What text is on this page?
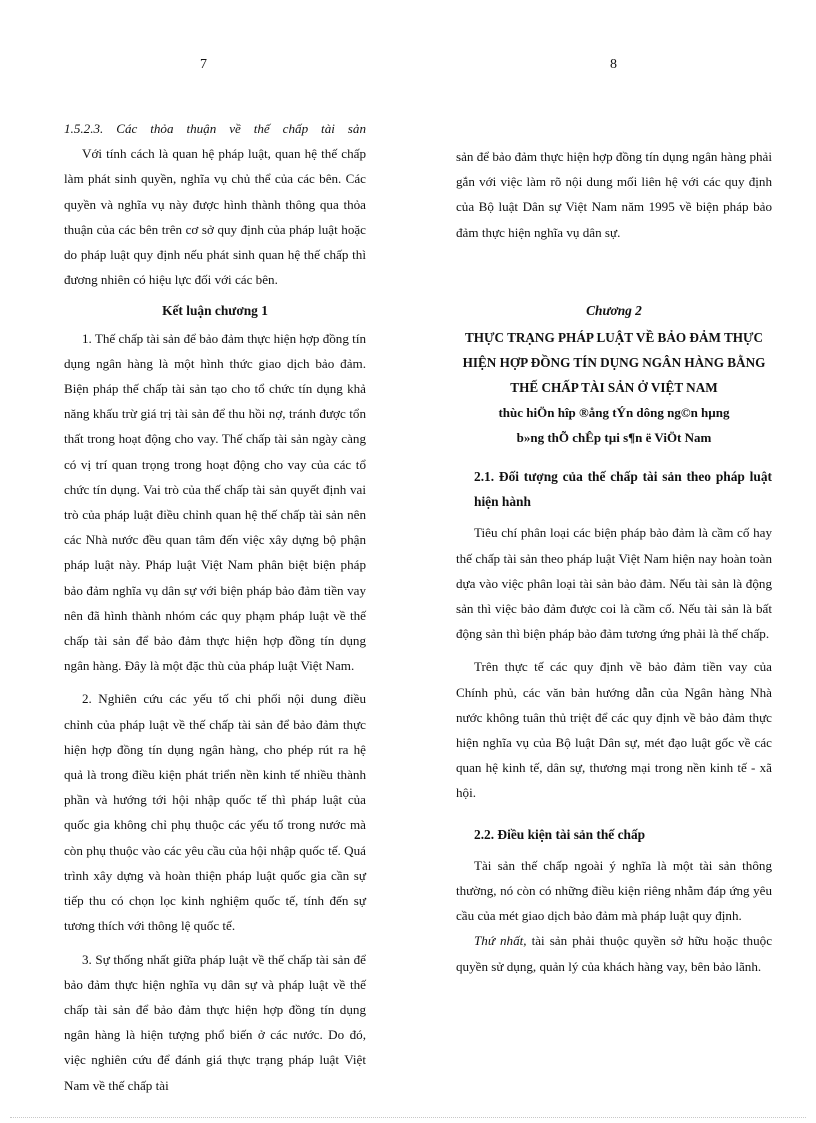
7	8

1.5.2.3. Các thỏa thuận về thế chấp tài sản

Với tính cách là quan hệ pháp luật, quan hệ thế chấp làm phát sinh quyền, nghĩa vụ chủ thể của các bên. Các quyền và nghĩa vụ này được hình thành thông qua thỏa thuận của các bên trên cơ sở quy định của pháp luật hoặc do pháp luật quy định nếu phát sinh quan hệ thế chấp thì đương nhiên có hiệu lực đối với các bên.

Kết luận chương 1

1. Thế chấp tài sản để bảo đảm thực hiện hợp đồng tín dụng ngân hàng là một hình thức giao dịch bảo đảm. Biện pháp thế chấp tài sản tạo cho tổ chức tín dụng khả năng khấu trừ giá trị tài sản để thu hồi nợ, tránh được tổn thất trong hoạt động cho vay. Thế chấp tài sản ngày càng có vị trí quan trọng trong hoạt động cho vay của các tổ chức tín dụng. Vai trò của thế chấp tài sản quyết định vai trò của pháp luật điều chỉnh quan hệ thế chấp tài sản nên các Nhà nước đều quan tâm đến việc xây dựng bộ phận pháp luật này. Pháp luật Việt Nam phân biệt biện pháp bảo đảm nghĩa vụ dân sự với biện pháp bảo đảm tiền vay nên đã hình thành nhóm các quy phạm pháp luật về thế chấp tài sản để bảo đảm thực hiện hợp đồng tín dụng ngân hàng. Đây là một đặc thù của pháp luật Việt Nam.

2. Nghiên cứu các yếu tố chi phối nội dung điều chỉnh của pháp luật về thế chấp tài sản để bảo đảm thực hiện hợp đồng tín dụng ngân hàng, cho phép rút ra hệ quả là trong điều kiện phát triển nền kinh tế nhiều thành phần và hướng tới hội nhập quốc tế thì pháp luật của quốc gia không chỉ phụ thuộc các yếu tố trong nước mà còn phụ thuộc vào các yêu cầu của hội nhập quốc tế. Quá trình xây dựng và hoàn thiện pháp luật quốc gia cần sự tiếp thu có chọn lọc kinh nghiệm quốc tế, tính đến sự tương thích với thông lệ quốc tế.

3. Sự thống nhất giữa pháp luật về thế chấp tài sản để bảo đảm thực hiện nghĩa vụ dân sự và pháp luật về thế chấp tài sản để bảo đảm thực hiện hợp đồng tín dụng ngân hàng là hiện tượng phổ biến ở các nước. Do đó, việc nghiên cứu để đánh giá thực trạng pháp luật Việt Nam về thế chấp tài

sản để bảo đảm thực hiện hợp đồng tín dụng ngân hàng phải gắn với việc làm rõ nội dung mối liên hệ với các quy định của Bộ luật Dân sự Việt Nam năm 1995 về biện pháp bảo đảm thực hiện nghĩa vụ dân sự.

Chương 2
THỰC TRẠNG PHÁP LUẬT VỀ BẢO ĐẢM THỰC HIỆN HỢP ĐỒNG TÍN DỤNG NGÂN HÀNG BẰNG THẾ CHẤP TÀI SẢN Ở VIỆT NAM
thùc hiÖn hîp ®ång tÝn dông ng©n hµng
b»ng thÕ chÊp tµi s¶n ë ViÖt Nam
2.1. Đối tượng của thế chấp tài sản theo pháp luật hiện hành

Tiêu chí phân loại các biện pháp bảo đảm là cầm cố hay thế chấp tài sản theo pháp luật Việt Nam hiện nay hoàn toàn dựa vào việc phân loại tài sản bảo đảm. Nếu tài sản là động sản thì việc bảo đảm được coi là cầm cố. Nếu tài sản là bất động sản thì biện pháp bảo đảm tương ứng phải là thế chấp.

Trên thực tế các quy định về bảo đảm tiền vay của Chính phủ, các văn bản hướng dẫn của Ngân hàng Nhà nước không tuân thủ triệt để các quy định về bảo đảm thực hiện nghĩa vụ của Bộ luật Dân sự, mét đạo luật gốc về các quan hệ kinh tế, dân sự, thương mại trong nền kinh tế - xã hội.

2.2. Điều kiện tài sản thế chấp

Tài sản thế chấp ngoài ý nghĩa là một tài sản thông thường, nó còn có những điều kiện riêng nhằm đáp ứng yêu cầu của mét giao dịch bảo đảm mà pháp luật quy định.

Thứ nhất, tài sản phải thuộc quyền sở hữu hoặc thuộc quyền sử dụng, quản lý của khách hàng vay, bên bảo lãnh.
